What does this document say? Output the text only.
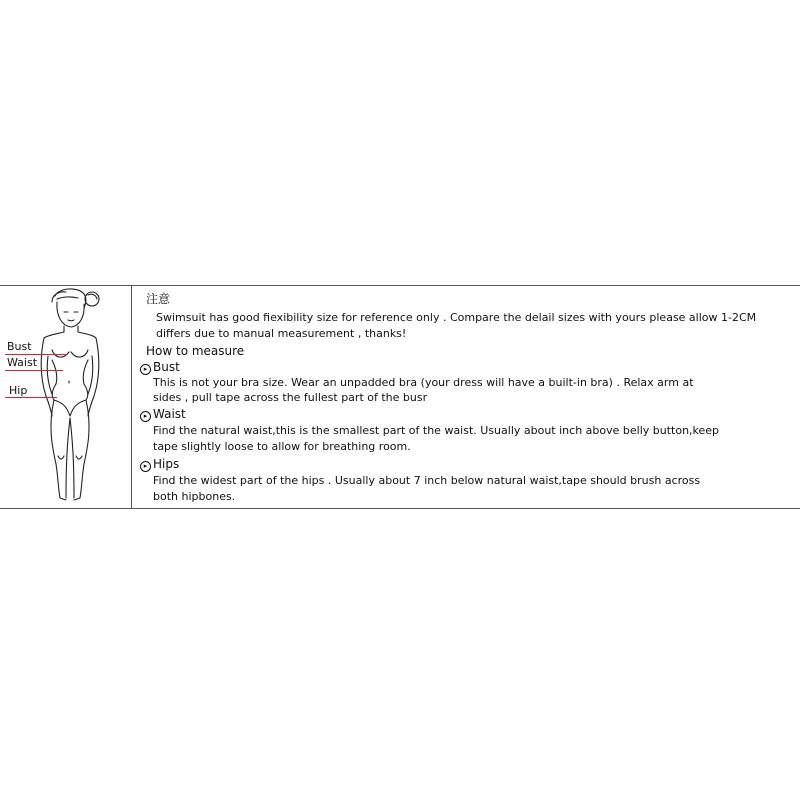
Bust
Waist
Hip
注意
Swimsuit has good fiexibility size for reference only . Compare the delail sizes with yours please allow 1-2CM
differs due to manual measurement , thanks!
How to measure
▸ Bust
This is not your bra size. Wear an unpadded bra (your dress will have a built-in bra) . Relax arm at
sides , pull tape across the fullest part of the busr
▸ Waist
Find the natural waist,this is the smallest part of the waist. Usually about inch above belly button,keep
tape slightly loose to allow for breathing room.
▸ Hips
Find the widest part of the hips . Usually about 7 inch below natural waist,tape should brush across
both hipbones.
